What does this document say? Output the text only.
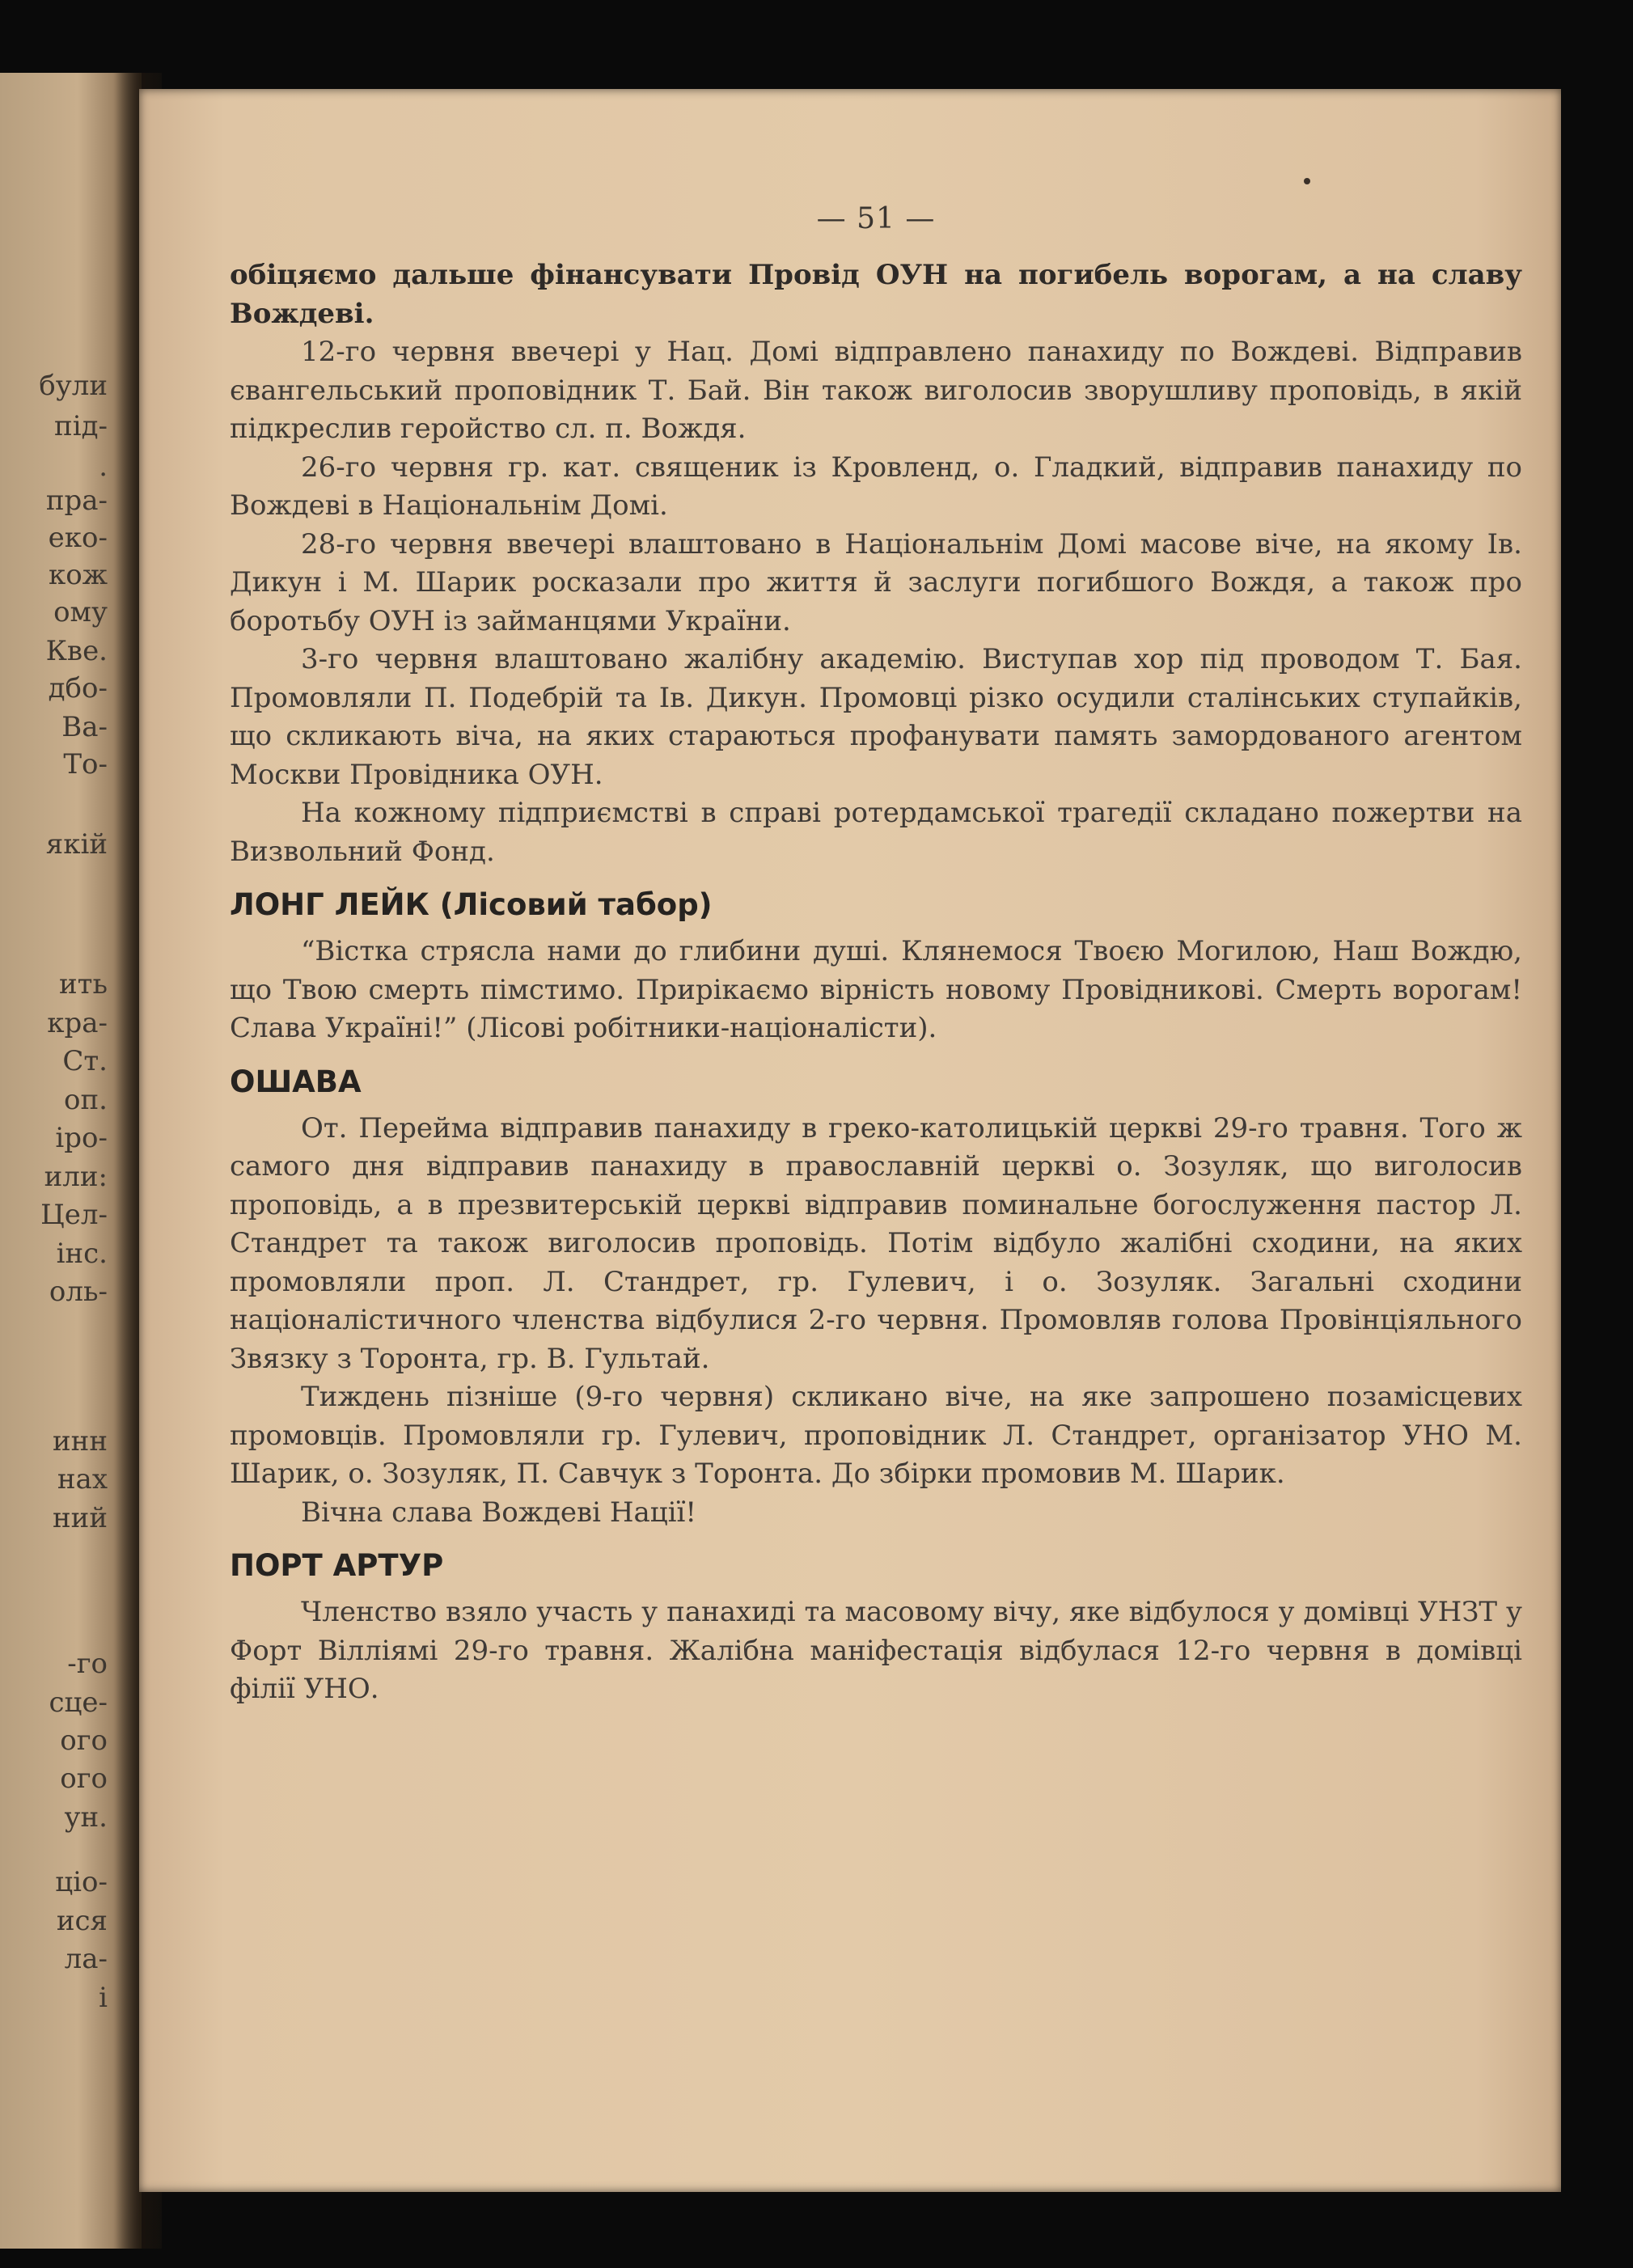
були

під-

.

пра-

еко-

кож

ому

Кве.

дбо-

Ва-

То-

якій

ить

кра-

Ст.

оп.

іро-

или:

Цел-

інс.

оль-

инн

нах

ний

-го

сце-

ого

ого

ун.

ціо-

ися

ла-

і

— 51 —

обіцяємо дальше фінансувати Провід ОУН на погибель ворогам, а на славу Вождеві.

12-го червня ввечері у Нац. Домі відправлено панахиду по Вождеві. Відправив євангельський проповідник Т. Бай. Він також виголосив зворушливу проповідь, в якій підкреслив геройство сл. п. Вождя.

26-го червня гр. кат. священик із Кровленд, о. Гладкий, відправив панахиду по Вождеві в Національнім Домі.

28-го червня ввечері влаштовано в Національнім Домі масове віче, на якому Ів. Дикун і М. Шарик росказали про життя й заслуги погибшого Вождя, а також про боротьбу ОУН із займанцями України.

3-го червня влаштовано жалібну академію. Виступав хор під проводом Т. Бая. Промовляли П. Подебрій та Ів. Дикун. Промовці різко осудили сталінських ступайків, що скликають віча, на яких стараються профанувати память замордованого агентом Москви Провідника ОУН.

На кожному підприємстві в справі ротердамської трагедії складано пожертви на Визвольний Фонд.

ЛОНГ ЛЕЙК (Лісовий табор)

“Вістка стрясла нами до глибини душі. Клянемося Твоєю Могилою, Наш Вождю, що Твою смерть пімстимо. Прирікаємо вірність новому Провідникові. Смерть ворогам! Слава Україні!” (Лісові робітники-націоналісти).

ОШАВА

От. Перейма відправив панахиду в греко-католицькій церкві 29-го травня. Того ж самого дня відправив панахиду в православній церкві о. Зозуляк, що виголосив проповідь, а в презвитерській церкві відправив поминальне богослуження пастор Л. Стандрет та також виголосив проповідь. Потім відбуло жалібні сходини, на яких промовляли проп. Л. Стандрет, гр. Гулевич, і о. Зозуляк. Загальні сходини націоналістичного членства відбулися 2-го червня. Промовляв голова Провінціяльного Звязку з Торонта, гр. В. Гультай.

Тиждень пізніше (9-го червня) скликано віче, на яке запрошено позамісцевих промовців. Промовляли гр. Гулевич, проповідник Л. Стандрет, організатор УНО М. Шарик, о. Зозуляк, П. Савчук з Торонта. До збірки промовив М. Шарик.

Вічна слава Вождеві Нації!

ПОРТ АРТУР

Членство взяло участь у панахиді та масовому вічу, яке відбулося у домівці УНЗТ у Форт Вілліямі 29-го травня. Жалібна маніфестація відбулася 12-го червня в домівці філії УНО.
